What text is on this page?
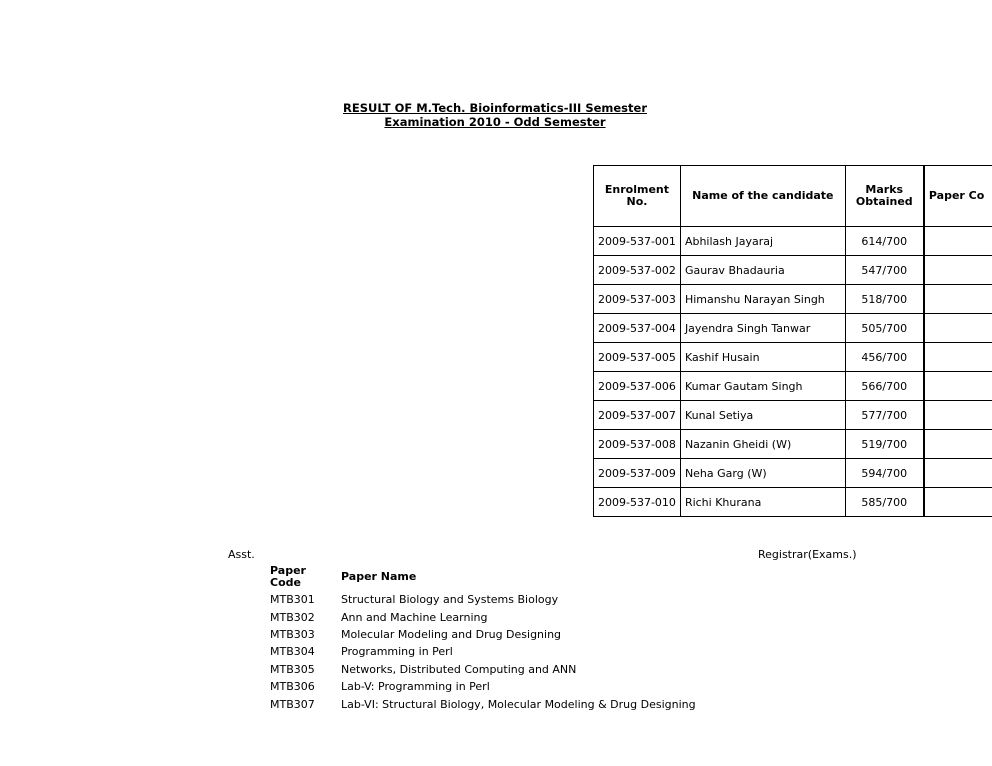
RESULT OF M.Tech. Bioinformatics-III Semester
Examination 2010 - Odd Semester
Enrolment No.	Name of the candidate	Marks Obtained	Paper Co
2009-537-001	Abhilash Jayaraj	614/700	
2009-537-002	Gaurav Bhadauria	547/700	
2009-537-003	Himanshu Narayan Singh	518/700	
2009-537-004	Jayendra Singh Tanwar	505/700	
2009-537-005	Kashif Husain	456/700	
2009-537-006	Kumar Gautam Singh	566/700	
2009-537-007	Kunal Setiya	577/700	
2009-537-008	Nazanin Gheidi (W)	519/700	
2009-537-009	Neha Garg (W)	594/700	
2009-537-010	Richi Khurana	585/700	
Asst.	Registrar(Exams.)
Paper Code	Paper Name
MTB301	Structural Biology and Systems Biology
MTB302	Ann and Machine Learning
MTB303	Molecular Modeling and Drug Designing
MTB304	Programming in Perl
MTB305	Networks, Distributed Computing and ANN
MTB306	Lab-V: Programming in Perl
MTB307	Lab-VI: Structural Biology, Molecular Modeling & Drug Designing
